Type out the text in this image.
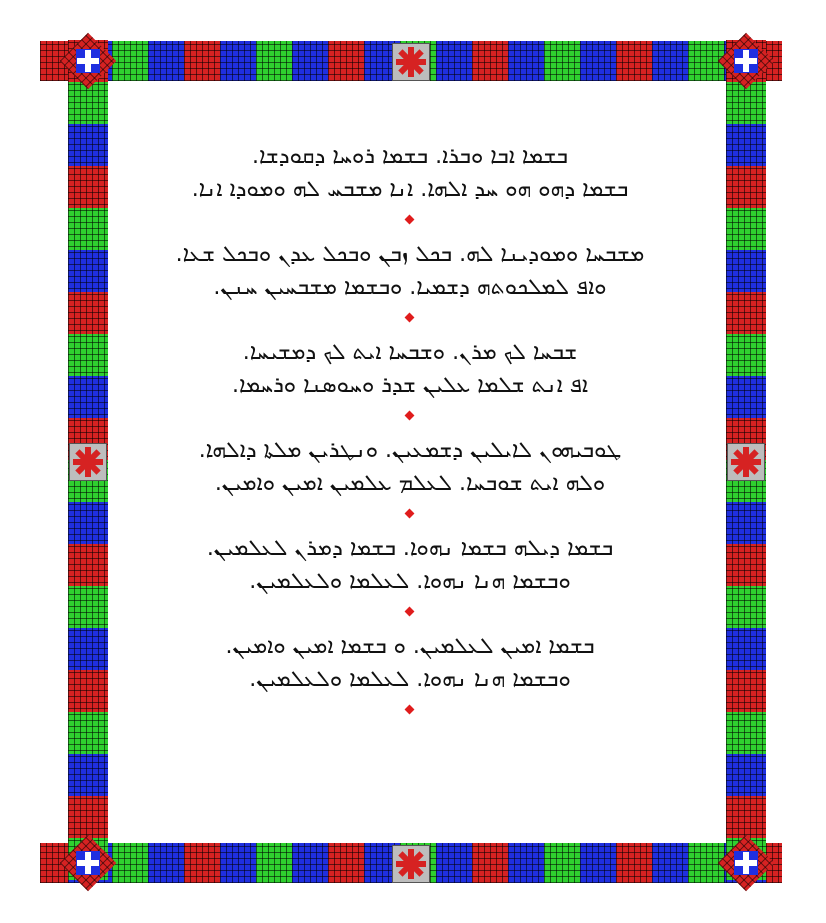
ܒܫܡܐ ܐܒܐ ܘܒܪܐ. ܒܫܡܐ ܪܘܚܐ ܕܩܘܕܫܐ.
ܒܫܡܐ ܕܗܘ ܗܘ ܚܕ ܐܠܗܐ. ܐܢܐ ܡܫܒܚ ܠܗ ܘܡܘܕܐ ܐܢܐ.
ܡܫܒܚܐ ܘܡܘܕܝܢܐ ܠܗ. ܒܟܠ ܙܒܢ ܘܒܟܠ ܥܕܢ ܘܒܟܠ ܫܥܐ.
ܘܐܦ ܠܡܠܟܘܬܗ ܕܫܡܝܐ. ܘܒܫܡܐ ܡܫܒܚܝܢ ܚܢܢ.
ܫܒܚܐ ܠܟ ܡܪܢ. ܘܫܒܚܐ ܐܝܬ ܠܟ ܕܡܫܝܚܐ.
ܐܦ ܐܢܬ ܫܠܡܐ ܥܠܝܢ ܫܕܪ ܘܚܘܣܢܐ ܘܪܚܡܐ.
ܛܘܒܝܗܘܢ ܠܐܝܠܝܢ ܕܫܡܥܝܢ. ܘܢܛܪܝܢ ܡܠܬܐ ܕܐܠܗܐ.
ܘܠܗ ܐܝܬ ܫܘܒܚܐ. ܠܥܠܡ ܥܠܡܝܢ ܐܡܝܢ ܘܐܡܝܢ.
ܒܫܡܐ ܕܝܠܗ ܒܫܡܐ ܢܗܘܐ. ܒܫܡܐ ܕܡܪܢ ܠܥܠܡܝܢ.
ܘܒܫܡܐ ܗܢܐ ܢܗܘܐ. ܠܥܠܡܐ ܘܠܥܠܡܝܢ.
ܒܫܡܐ ܐܡܝܢ ܠܥܠܡܝܢ. ܘ ܒܫܡܐ ܐܡܝܢ ܘܐܡܝܢ.
ܘܒܫܡܐ ܗܢܐ ܢܗܘܐ. ܠܥܠܡܐ ܘܠܥܠܡܝܢ.
